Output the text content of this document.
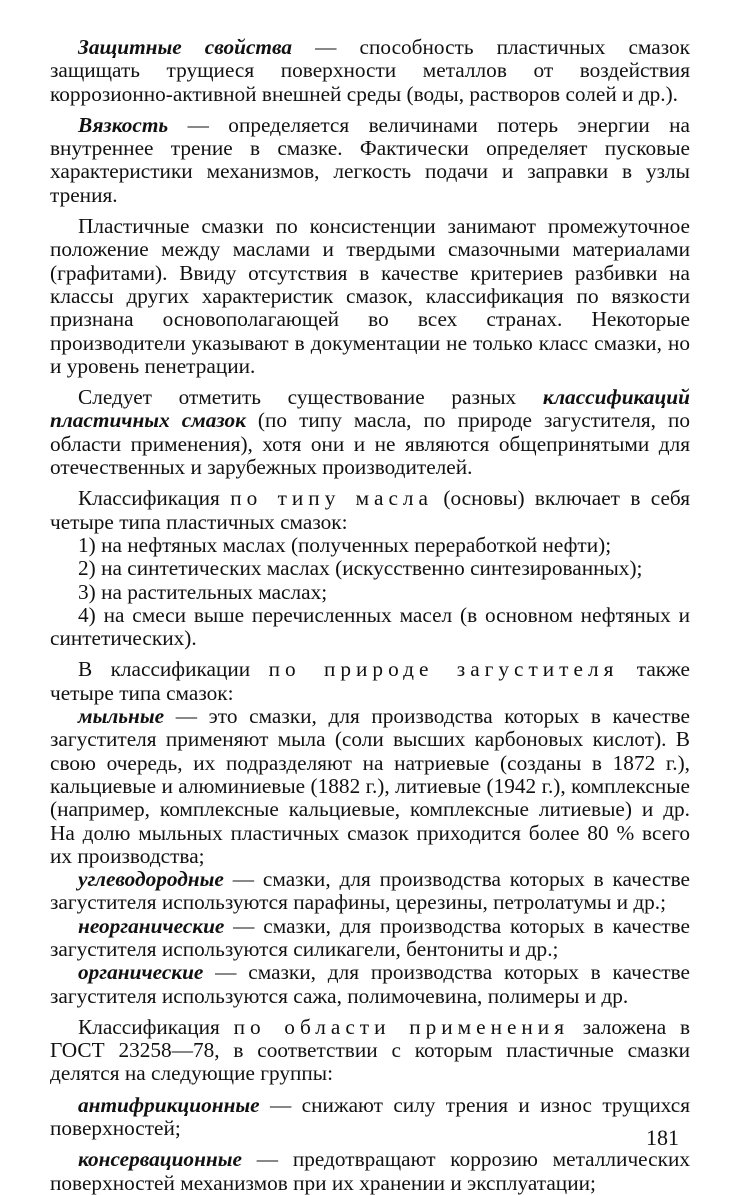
Защитные свойства — способность пластичных смазок защищать трущиеся поверхности металлов от воздействия коррозионно-активной внешней среды (воды, растворов солей и др.).

Вязкость — определяется величинами потерь энергии на внутреннее трение в смазке. Фактически определяет пусковые характеристики механизмов, легкость подачи и заправки в узлы трения.

Пластичные смазки по консистенции занимают промежуточное положение между маслами и твердыми смазочными материалами (графитами). Ввиду отсутствия в качестве критериев разбивки на классы других характеристик смазок, классификация по вязкости признана основополагающей во всех странах. Некоторые производители указывают в документации не только класс смазки, но и уровень пенетрации.

Следует отметить существование разных классификаций пластичных смазок (по типу масла, по природе загустителя, по области применения), хотя они и не являются общепринятыми для отечественных и зарубежных производителей.

Классификация по типу масла (основы) включает в себя четыре типа пластичных смазок:

1) на нефтяных маслах (полученных переработкой нефти);

2) на синтетических маслах (искусственно синтезированных);

3) на растительных маслах;

4) на смеси выше перечисленных масел (в основном нефтяных и синтетических).

В классификации по природе загустителя также четыре типа смазок:

мыльные — это смазки, для производства которых в качестве загустителя применяют мыла (соли высших карбоновых кислот). В свою очередь, их подразделяют на натриевые (созданы в 1872 г.), кальциевые и алюминиевые (1882 г.), литиевые (1942 г.), комплексные (например, комплексные кальциевые, комплексные литиевые) и др. На долю мыльных пластичных смазок приходится более 80 % всего их производства;

углеводородные — смазки, для производства которых в качестве загустителя используются парафины, церезины, петролатумы и др.;

неорганические — смазки, для производства которых в качестве загустителя используются силикагели, бентониты и др.;

органические — смазки, для производства которых в качестве загустителя используются сажа, полимочевина, полимеры и др.

Классификация по области применения заложена в ГОСТ 23258—78, в соответствии с которым пластичные смазки делятся на следующие группы:

антифрикционные — снижают силу трения и износ трущихся поверхностей;

консервационные — предотвращают коррозию металлических поверхностей механизмов при их хранении и эксплуатации;

181
